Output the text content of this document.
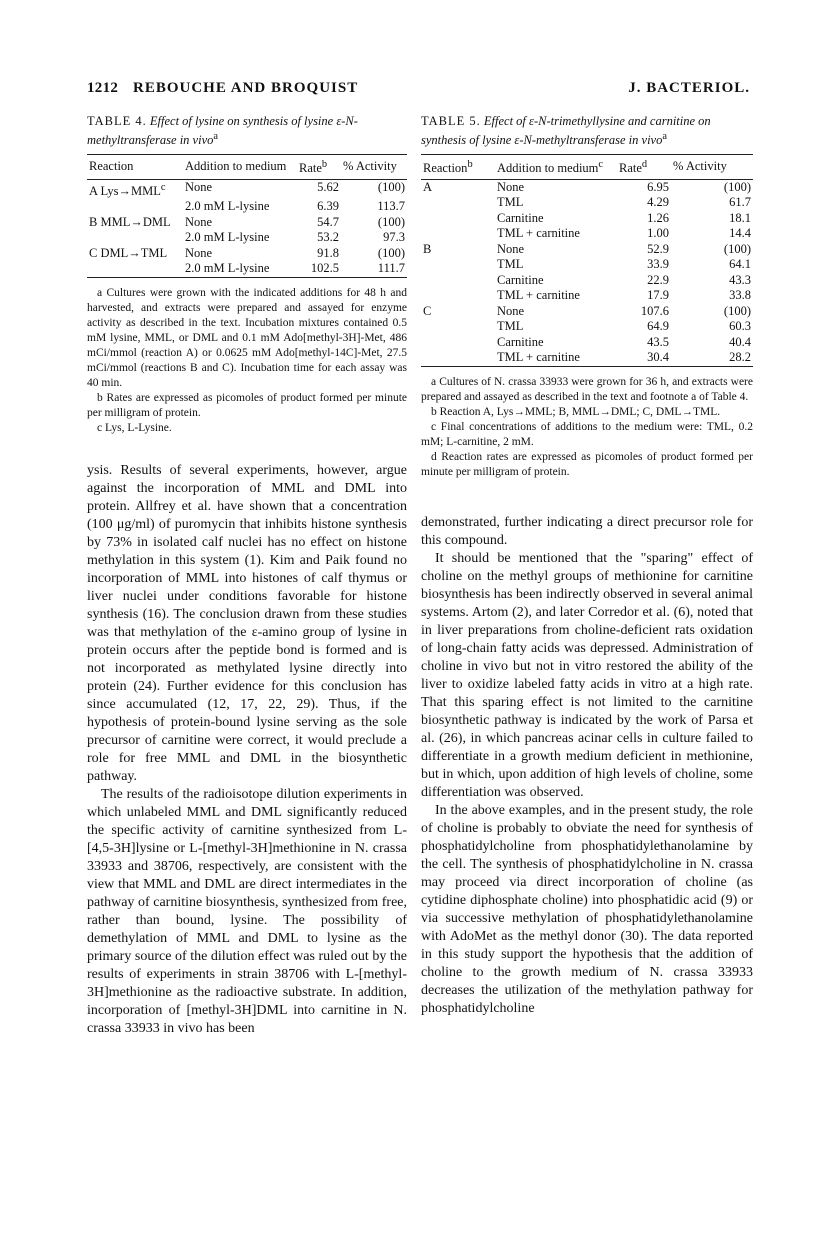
1212 REBOUCHE AND BROQUIST	J. BACTERIOL.

TABLE 4. Effect of lysine on synthesis of lysine ε-N-methyltransferase in vivo$^a$

Reaction	Addition to medium	Rate$^b$	% Activity
A $Lys\to MML^c$	None	5.62	(100)
	2.0 mM L-lysine	6.39	113.7
B MML→DML	None	54.7	(100)
	2.0 mM L-lysine	53.2	97.3
C DML→TML	None	91.8	(100)
	2.0 mM L-lysine	102.5	111.7

a Cultures were grown with the indicated additions for 48 h and harvested, and extracts were prepared and assayed for enzyme activity as described in the text. Incubation mixtures contained 0.5 mM lysine, MML, or DML and 0.1 mM Ado[methyl-3H]-Met, 486 mCi/mmol (reaction A) or 0.0625 mM Ado[methyl-14C]-Met, 27.5 mCi/mmol (reactions B and C). Incubation time for each assay was 40 min.

b Rates are expressed as picomoles of product formed per minute per milligram of protein.

c Lys, L-Lysine.

ysis. Results of several experiments, however, argue against the incorporation of MML and DML into protein. Allfrey et al. have shown that a concentration (100 μg/ml) of puromycin that inhibits histone synthesis by 73% in isolated calf nuclei has no effect on histone methylation in this system (1). Kim and Paik found no incorporation of MML into histones of calf thymus or liver nuclei under conditions favorable for histone synthesis (16). The conclusion drawn from these studies was that methylation of the ε-amino group of lysine in protein occurs after the peptide bond is formed and is not incorporated as methylated lysine directly into protein (24). Further evidence for this conclusion has since accumulated (12, 17, 22, 29). Thus, if the hypothesis of protein-bound lysine serving as the sole precursor of carnitine were correct, it would preclude a role for free MML and DML in the biosynthetic pathway.

The results of the radioisotope dilution experiments in which unlabeled MML and DML significantly reduced the specific activity of carnitine synthesized from L-[4,5-3H]lysine or L-[methyl-3H]methionine in N. crassa 33933 and 38706, respectively, are consistent with the view that MML and DML are direct intermediates in the pathway of carnitine biosynthesis, synthesized from free, rather than bound, lysine. The possibility of demethylation of MML and DML to lysine as the primary source of the dilution effect was ruled out by the results of experiments in strain 38706 with L-[methyl-3H]methionine as the radioactive substrate. In addition, incorporation of [methyl-3H]DML into carnitine in N. crassa 33933 in vivo has been

TABLE 5. Effect of ε-N-trimethyllysine and carnitine on synthesis of lysine ε-N-methyltransferase in vivo$^a$

Reaction$^b$	Addition to medium$^c$	Rate$^d$	% Activity
A	None	6.95	(100)
	TML	4.29	61.7
	Carnitine	1.26	18.1
	TML + carnitine	1.00	14.4
B	None	52.9	(100)
	TML	33.9	64.1
	Carnitine	22.9	43.3
	TML + carnitine	17.9	33.8
C	None	107.6	(100)
	TML	64.9	60.3
	Carnitine	43.5	40.4
	TML + carnitine	30.4	28.2

a Cultures of N. crassa 33933 were grown for 36 h, and extracts were prepared and assayed as described in the text and footnote a of Table 4.

b Reaction A, Lys→MML; B, MML→DML; C, DML→TML.

c Final concentrations of additions to the medium were: TML, 0.2 mM; L-carnitine, 2 mM.

d Reaction rates are expressed as picomoles of product formed per minute per milligram of protein.

demonstrated, further indicating a direct precursor role for this compound.

It should be mentioned that the "sparing" effect of choline on the methyl groups of methionine for carnitine biosynthesis has been indirectly observed in several animal systems. Artom (2), and later Corredor et al. (6), noted that in liver preparations from choline-deficient rats oxidation of long-chain fatty acids was depressed. Administration of choline in vivo but not in vitro restored the ability of the liver to oxidize labeled fatty acids in vitro at a high rate. That this sparing effect is not limited to the carnitine biosynthetic pathway is indicated by the work of Parsa et al. (26), in which pancreas acinar cells in culture failed to differentiate in a growth medium deficient in methionine, but in which, upon addition of high levels of choline, some differentiation was observed.

In the above examples, and in the present study, the role of choline is probably to obviate the need for synthesis of phosphatidylcholine from phosphatidylethanolamine by the cell. The synthesis of phosphatidylcholine in N. crassa may proceed via direct incorporation of choline (as cytidine diphosphate choline) into phosphatidic acid (9) or via successive methylation of phosphatidylethanolamine with AdoMet as the methyl donor (30). The data reported in this study support the hypothesis that the addition of choline to the growth medium of N. crassa 33933 decreases the utilization of the methylation pathway for phosphatidylcholine
